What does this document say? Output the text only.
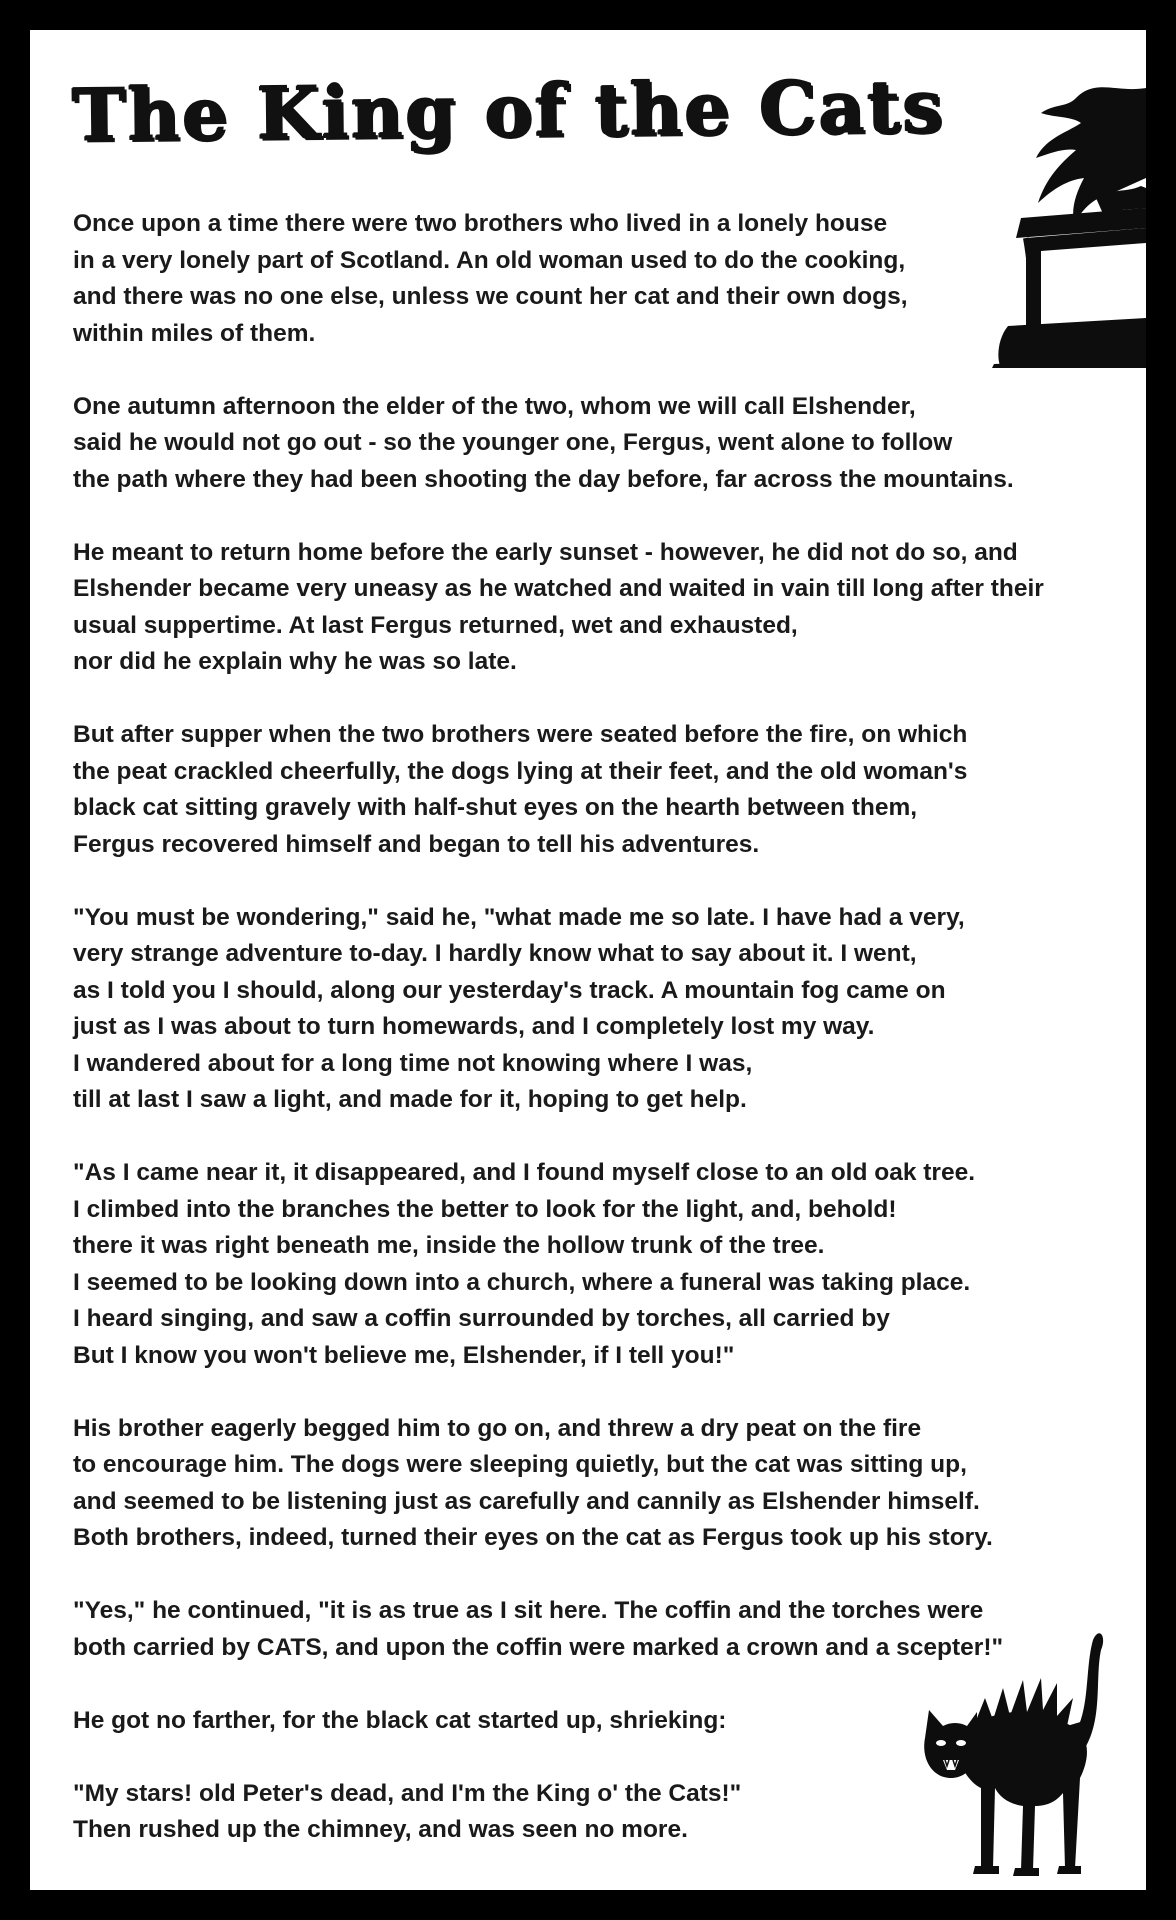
The King of the Cats

Once upon a time there were two brothers who lived in a lonely house
in a very lonely part of Scotland. An old woman used to do the cooking,
and there was no one else, unless we count her cat and their own dogs,
within miles of them.

One autumn afternoon the elder of the two, whom we will call Elshender,
said he would not go out - so the younger one, Fergus, went alone to follow
the path where they had been shooting the day before, far across the mountains.

He meant to return home before the early sunset - however, he did not do so, and
Elshender became very uneasy as he watched and waited in vain till long after their
usual suppertime. At last Fergus returned, wet and exhausted,
nor did he explain why he was so late.

But after supper when the two brothers were seated before the fire, on which
the peat crackled cheerfully, the dogs lying at their feet, and the old woman's
black cat sitting gravely with half-shut eyes on the hearth between them,
Fergus recovered himself and began to tell his adventures.

"You must be wondering," said he, "what made me so late. I have had a very,
very strange adventure to-day. I hardly know what to say about it. I went,
as I told you I should, along our yesterday's track. A mountain fog came on
just as I was about to turn homewards, and I completely lost my way.
I wandered about for a long time not knowing where I was,
till at last I saw a light, and made for it, hoping to get help.

"As I came near it, it disappeared, and I found myself close to an old oak tree.
I climbed into the branches the better to look for the light, and, behold!
there it was right beneath me, inside the hollow trunk of the tree.
I seemed to be looking down into a church, where a funeral was taking place.
I heard singing, and saw a coffin surrounded by torches, all carried by
But I know you won't believe me, Elshender, if I tell you!"

His brother eagerly begged him to go on, and threw a dry peat on the fire
to encourage him. The dogs were sleeping quietly, but the cat was sitting up,
and seemed to be listening just as carefully and cannily as Elshender himself.
Both brothers, indeed, turned their eyes on the cat as Fergus took up his story.

"Yes," he continued, "it is as true as I sit here. The coffin and the torches were
both carried by CATS, and upon the coffin were marked a crown and a scepter!"

He got no farther, for the black cat started up, shrieking:

"My stars! old Peter's dead, and I'm the King o' the Cats!"
Then rushed up the chimney, and was seen no more.
